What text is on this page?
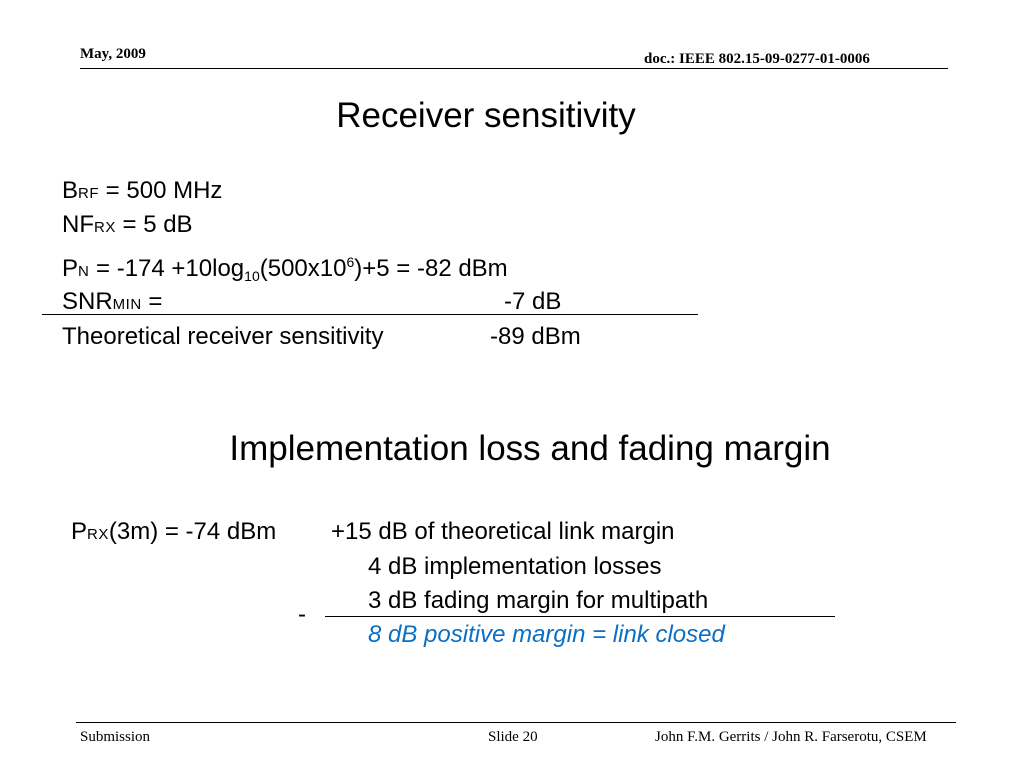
May, 2009	doc.: IEEE 802.15-09-0277-01-0006
Receiver sensitivity
BRF = 500 MHz
NFRX = 5 dB
PN = $-174 +10\log_{10}(500x10^6)+5 = -82$ dBm
SNRMIN =	-7 dB
Theoretical receiver sensitivity	-89 dBm
Implementation loss and fading margin
PRX(3m) = -74 dBm +15 dB of theoretical link margin
4 dB implementation losses
-
3 dB fading margin for multipath
8 dB positive margin = link closed
Submission	Slide 20	John F.M. Gerrits / John R. Farserotu, CSEM
